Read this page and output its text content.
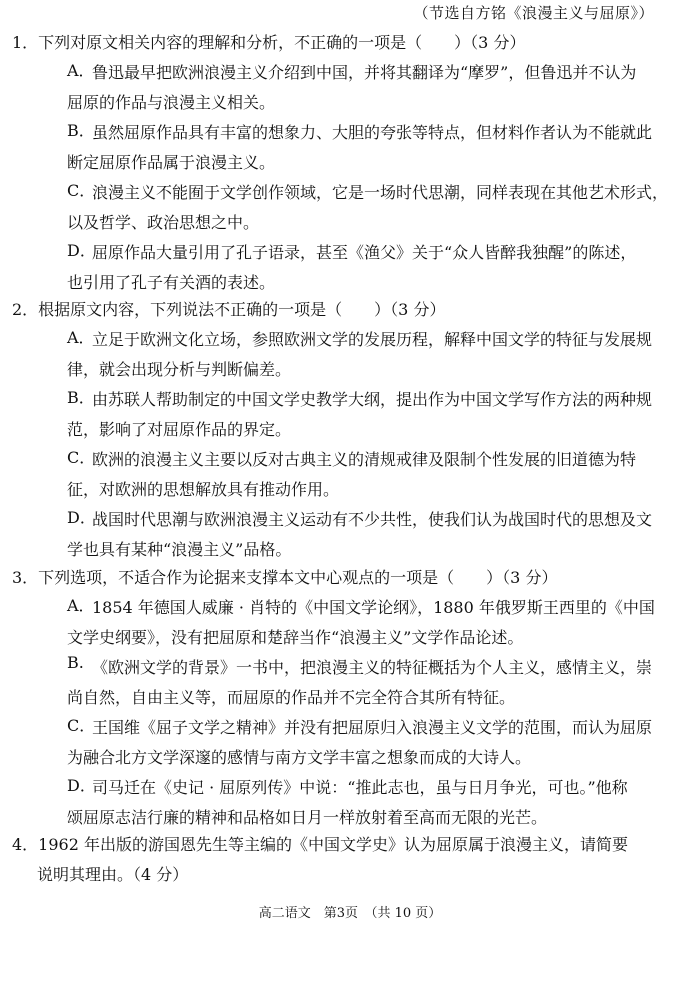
（节选自方铭《浪漫主义与屈原》）
1．下列对原文相关内容的理解和分析，不正确的一项是（　　）（3 分）
A．
鲁迅最早把欧洲浪漫主义介绍到中国，并将其翻译为“摩罗”，但鲁迅并不认为
屈原的作品与浪漫主义相关。
B．
虽然屈原作品具有丰富的想象力、大胆的夸张等特点，但材料作者认为不能就此
断定屈原作品属于浪漫主义。
C．
浪漫主义不能囿于文学创作领域，它是一场时代思潮，同样表现在其他艺术形式，
以及哲学、政治思想之中。
D．
屈原作品大量引用了孔子语录，甚至《渔父》关于“众人皆醉我独醒”的陈述，
也引用了孔子有关酒的表述。
2．根据原文内容，下列说法不正确的一项是（　　）（3 分）
A．
立足于欧洲文化立场，参照欧洲文学的发展历程，解释中国文学的特征与发展规
律，就会出现分析与判断偏差。
B．
由苏联人帮助制定的中国文学史教学大纲，提出作为中国文学写作方法的两种规
范，影响了对屈原作品的界定。
C．
欧洲的浪漫主义主要以反对古典主义的清规戒律及限制个性发展的旧道德为特
征，对欧洲的思想解放具有推动作用。
D．
战国时代思潮与欧洲浪漫主义运动有不少共性，使我们认为战国时代的思想及文
学也具有某种“浪漫主义”品格。
3．下列选项，不适合作为论据来支撑本文中心观点的一项是（　　）（3 分）
A．
1854 年德国人威廉 · 肖特的《中国文学论纲》，1880 年俄罗斯王西里的《中国
文学史纲要》，没有把屈原和楚辞当作“浪漫主义”文学作品论述。
B. 《欧洲文学的背景》一书中，把浪漫主义的特征概括为个人主义，感情主义，崇
尚自然，自由主义等，而屈原的作品并不完全符合其所有特征。
C．
王国维《屈子文学之精神》并没有把屈原归入浪漫主义文学的范围，而认为屈原
为融合北方文学深邃的感情与南方文学丰富之想象而成的大诗人。
D．
司马迁在《史记 · 屈原列传》中说：“推此志也，虽与日月争光，可也。”他称
颂屈原志洁行廉的精神和品格如日月一样放射着至高而无限的光芒。
4．1962 年出版的游国恩先生等主编的《中国文学史》认为屈原属于浪漫主义，请简要
说明其理由。（4 分）
高二语文　第3页　（共 10 页）
